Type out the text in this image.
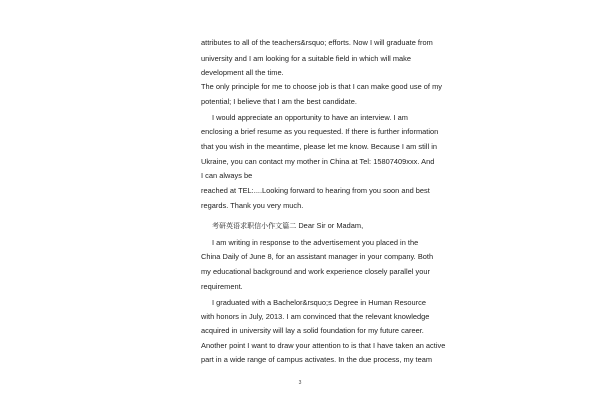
attributes to all of the teachers&rsquo; efforts. Now I will graduate from
university and I am looking for a suitable field in which will make
development all the time.
The only principle for me to choose job is that I can make good use of my
potential; I believe that I am the best candidate.
I would appreciate an opportunity to have an interview. I am
enclosing a brief resume as you requested. If there is further information
that you wish in the meantime, please let me know. Because I am still in
Ukraine, you can contact my mother in China at Tel: 15807409xxx. And
I can always be
reached at TEL:....Looking forward to hearing from you soon and best
regards. Thank you very much.
考研英语求职信小作文篇二 Dear Sir or Madam,
I am writing in response to the advertisement you placed in the
China Daily of June 8, for an assistant manager in your company. Both
my educational background and work experience closely parallel your
requirement.
I graduated with a Bachelor&rsquo;s Degree in Human Resource
with honors in July, 2013. I am convinced that the relevant knowledge
acquired in university will lay a solid foundation for my future career.
Another point I want to draw your attention to is that I have taken an active
part in a wide range of campus activates. In the due process, my team
3
